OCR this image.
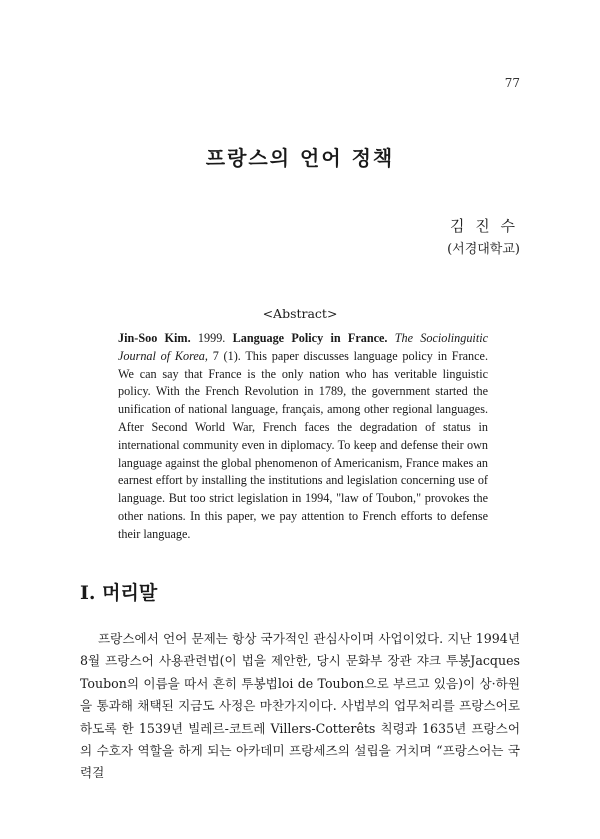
77
프랑스의 언어 정책
김 진 수
(서경대학교)
<Abstract>

Jin-Soo Kim. 1999. Language Policy in France. The Sociolinguitic Journal of Korea, 7 (1). This paper discusses language policy in France. We can say that France is the only nation who has veritable linguistic policy. With the French Revolution in 1789, the government started the unification of national language, français, among other regional languages. After Second World War, French faces the degradation of status in international community even in diplomacy. To keep and defense their own language against the global phenomenon of Americanism, France makes an earnest effort by installing the institutions and legislation concerning use of language. But too strict legislation in 1994, "law of Toubon," provokes the other nations. In this paper, we pay attention to French efforts to defense their language.

Ⅰ. 머리말

프랑스에서 언어 문제는 항상 국가적인 관심사이며 사업이었다. 지난 1994년 8월 프랑스어 사용관련법(이 법을 제안한, 당시 문화부 장관 쟈크 투봉Jacques Toubon의 이름을 따서 흔히 투봉법loi de Toubon으로 부르고 있음)이 상·하원을 통과해 채택된 지금도 사정은 마찬가지이다. 사법부의 업무처리를 프랑스어로 하도록 한 1539년 빌레르-코트레 Villers-Cotterêts 칙령과 1635년 프랑스어의 수호자 역할을 하게 되는 아카데미 프랑세즈의 설립을 거치며 “프랑스어는 국력걸
